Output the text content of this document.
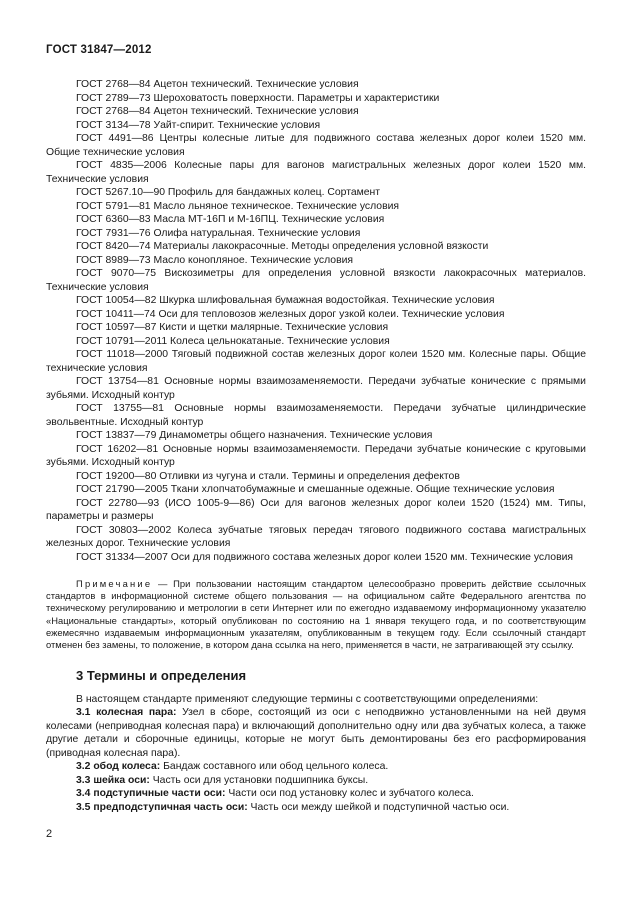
ГОСТ 31847—2012

ГОСТ 2768—84 Ацетон технический. Технические условия

ГОСТ 2789—73 Шероховатость поверхности. Параметры и характеристики

ГОСТ 2768—84 Ацетон технический. Технические условия

ГОСТ 3134—78 Уайт-спирит. Технические условия

ГОСТ 4491—86 Центры колесные литые для подвижного состава железных дорог колеи 1520 мм. Общие технические условия

ГОСТ 4835—2006 Колесные пары для вагонов магистральных железных дорог колеи 1520 мм. Технические условия

ГОСТ 5267.10—90 Профиль для бандажных колец. Сортамент

ГОСТ 5791—81 Масло льняное техническое. Технические условия

ГОСТ 6360—83 Масла МТ-16П и М-16ПЦ. Технические условия

ГОСТ 7931—76 Олифа натуральная. Технические условия

ГОСТ 8420—74 Материалы лакокрасочные. Методы определения условной вязкости

ГОСТ 8989—73 Масло конопляное. Технические условия

ГОСТ 9070—75 Вискозиметры для определения условной вязкости лакокрасочных материалов. Технические условия

ГОСТ 10054—82 Шкурка шлифовальная бумажная водостойкая. Технические условия

ГОСТ 10411—74 Оси для тепловозов железных дорог узкой колеи. Технические условия

ГОСТ 10597—87 Кисти и щетки малярные. Технические условия

ГОСТ 10791—2011 Колеса цельнокатаные. Технические условия

ГОСТ 11018—2000 Тяговый подвижной состав железных дорог колеи 1520 мм. Колесные пары. Общие технические условия

ГОСТ 13754—81 Основные нормы взаимозаменяемости. Передачи зубчатые конические с прямыми зубьями. Исходный контур

ГОСТ 13755—81 Основные нормы взаимозаменяемости. Передачи зубчатые цилиндрические эвольвентные. Исходный контур

ГОСТ 13837—79 Динамометры общего назначения. Технические условия

ГОСТ 16202—81 Основные нормы взаимозаменяемости. Передачи зубчатые конические с круговыми зубьями. Исходный контур

ГОСТ 19200—80 Отливки из чугуна и стали. Термины и определения дефектов

ГОСТ 21790—2005 Ткани хлопчатобумажные и смешанные одежные. Общие технические условия

ГОСТ 22780—93 (ИСО 1005-9—86) Оси для вагонов железных дорог колеи 1520 (1524) мм. Типы, параметры и размеры

ГОСТ 30803—2002 Колеса зубчатые тяговых передач тягового подвижного состава магистральных железных дорог. Технические условия

ГОСТ 31334—2007 Оси для подвижного состава железных дорог колеи 1520 мм. Технические условия

Примечание — При пользовании настоящим стандартом целесообразно проверить действие ссылочных стандартов в информационной системе общего пользования — на официальном сайте Федерального агентства по техническому регулированию и метрологии в сети Интернет или по ежегодно издаваемому информационному указателю «Национальные стандарты», который опубликован по состоянию на 1 января текущего года, и по соответствующим ежемесячно издаваемым информационным указателям, опубликованным в текущем году. Если ссылочный стандарт отменен без замены, то положение, в котором дана ссылка на него, применяется в части, не затрагивающей эту ссылку.

3 Термины и определения

В настоящем стандарте применяют следующие термины с соответствующими определениями:

3.1 колесная пара: Узел в сборе, состоящий из оси с неподвижно установленными на ней двумя колесами (неприводная колесная пара) и включающий дополнительно одну или два зубчатых колеса, а также другие детали и сборочные единицы, которые не могут быть демонтированы без его расформирования (приводная колесная пара).

3.2 обод колеса: Бандаж составного или обод цельного колеса.

3.3 шейка оси: Часть оси для установки подшипника буксы.

3.4 подступичные части оси: Части оси под установку колес и зубчатого колеса.

3.5 предподступичная часть оси: Часть оси между шейкой и подступичной частью оси.

2
